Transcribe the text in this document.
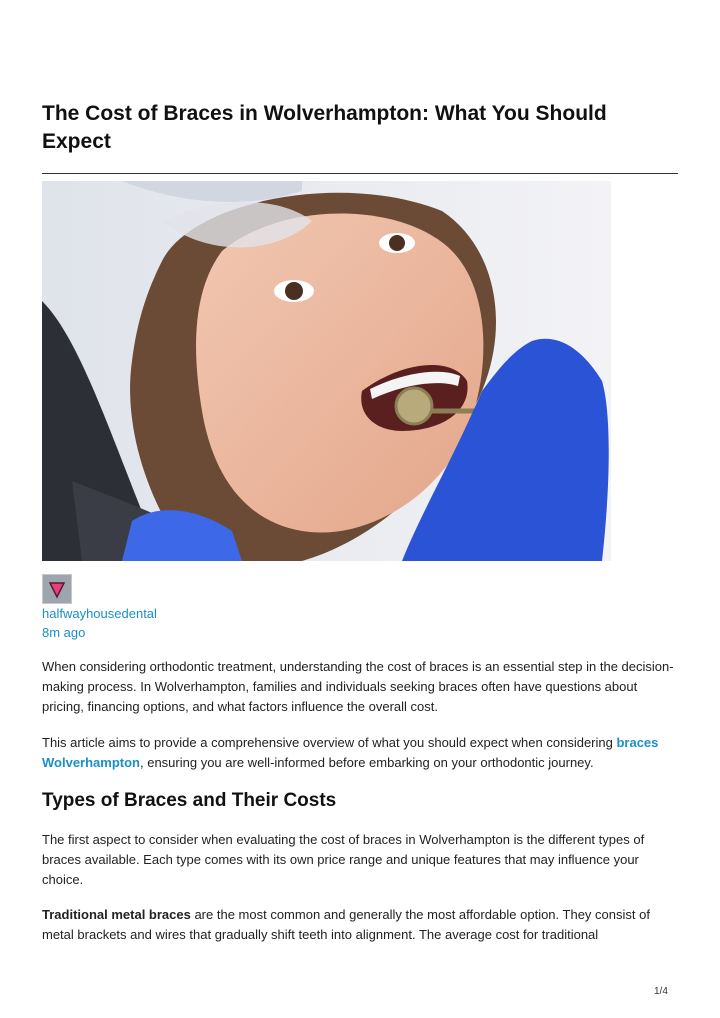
The Cost of Braces in Wolverhampton: What You Should Expect
halfwayhousedental
8m ago

When considering orthodontic treatment, understanding the cost of braces is an essential step in the decision-making process. In Wolverhampton, families and individuals seeking braces often have questions about pricing, financing options, and what factors influence the overall cost.

This article aims to provide a comprehensive overview of what you should expect when considering braces Wolverhampton, ensuring you are well-informed before embarking on your orthodontic journey.

Types of Braces and Their Costs

The first aspect to consider when evaluating the cost of braces in Wolverhampton is the different types of braces available. Each type comes with its own price range and unique features that may influence your choice.

Traditional metal braces are the most common and generally the most affordable option. They consist of metal brackets and wires that gradually shift teeth into alignment. The average cost for traditional

1/4
